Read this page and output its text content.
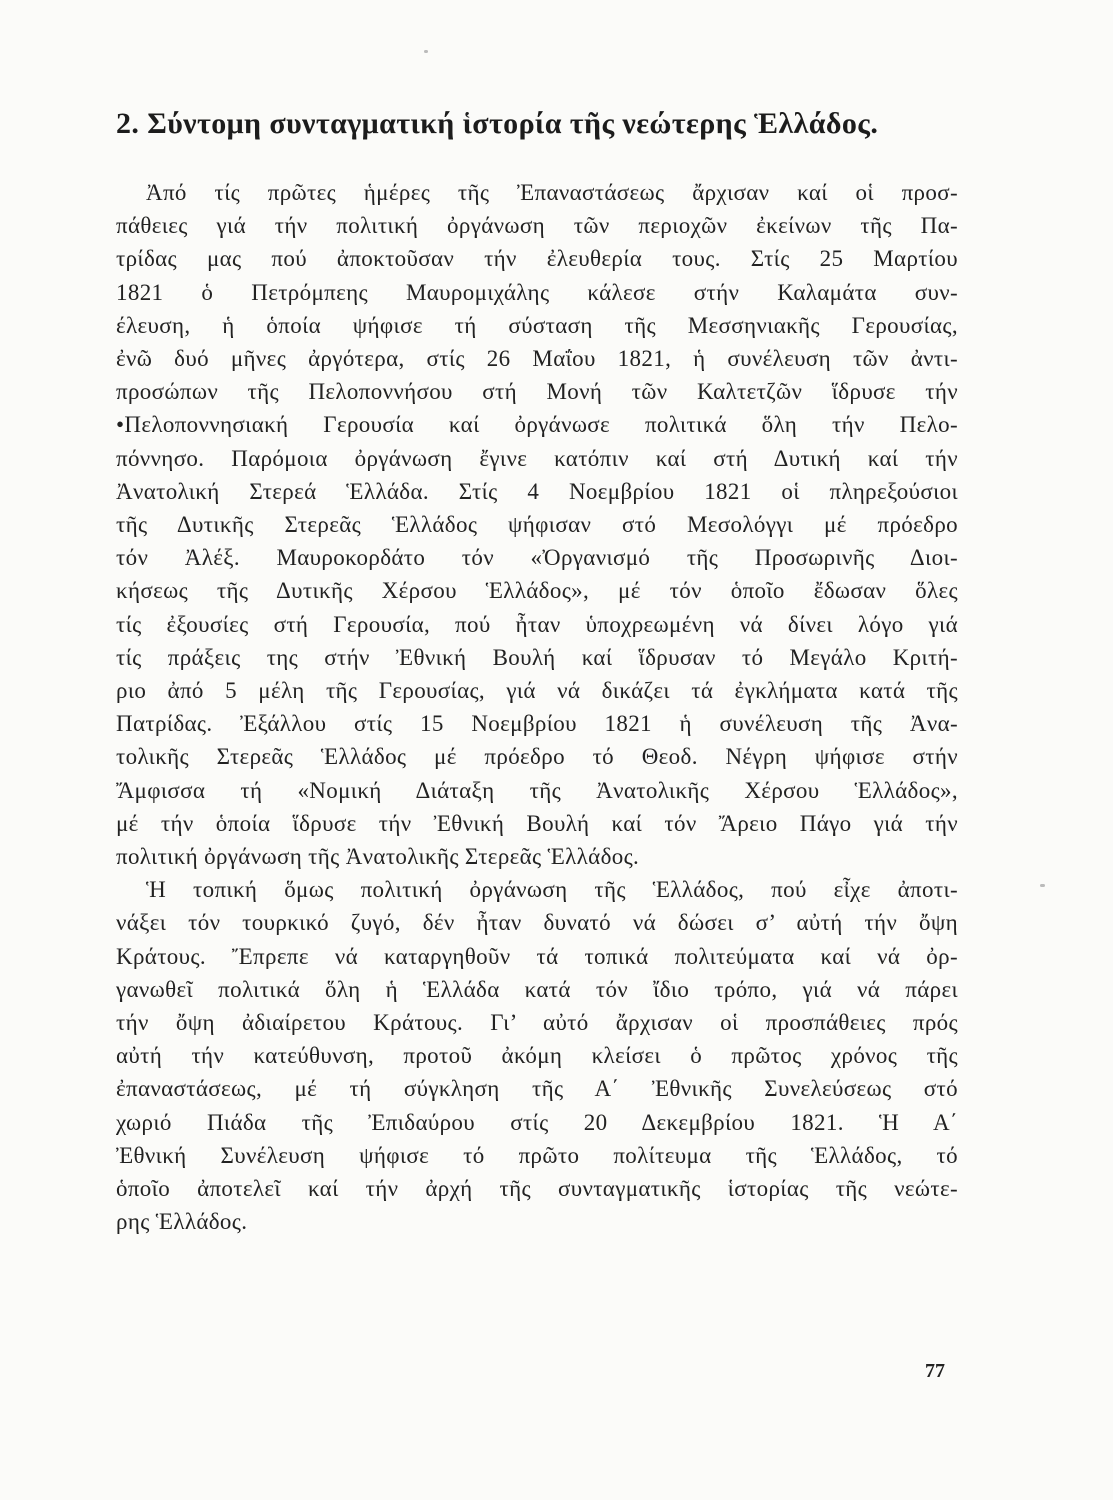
2. Σύντομη συνταγματική ἱστορία τῆς νεώτερης Ἑλλάδος.

Ἀπό τίς πρῶτες ἡμέρες τῆς Ἐπαναστάσεως ἄρχισαν καί οἱ προσ-
πάθειες γιά τήν πολιτική ὀργάνωση τῶν περιοχῶν ἐκείνων τῆς Πα-
τρίδας μας πού ἀποκτοῦσαν τήν ἐλευθερία τους. Στίς 25 Μαρτίου
1821 ὁ Πετρόμπεης Μαυρομιχάλης κάλεσε στήν Καλαμάτα συν-
έλευση, ἡ ὁποία ψήφισε τή σύσταση τῆς Μεσσηνιακῆς Γερουσίας,
ἐνῶ δυό μῆνες ἀργότερα, στίς 26 Μαΐου 1821, ἡ συνέλευση τῶν ἀντι-
προσώπων τῆς Πελοποννήσου στή Μονή τῶν Καλτετζῶν ἵδρυσε τήν
•Πελοποννησιακή Γερουσία καί ὀργάνωσε πολιτικά ὅλη τήν Πελο-
πόννησο. Παρόμοια ὀργάνωση ἔγινε κατόπιν καί στή Δυτική καί τήν
Ἀνατολική Στερεά Ἑλλάδα. Στίς 4 Νοεμβρίου 1821 οἱ πληρεξούσιοι
τῆς Δυτικῆς Στερεᾶς Ἑλλάδος ψήφισαν στό Μεσολόγγι μέ πρόεδρο
τόν Ἀλέξ. Μαυροκορδάτο τόν «Ὀργανισμό τῆς Προσωρινῆς Διοι-
κήσεως τῆς Δυτικῆς Χέρσου Ἑλλάδος», μέ τόν ὁποῖο ἔδωσαν ὅλες
τίς ἐξουσίες στή Γερουσία, πού ἦταν ὑποχρεωμένη νά δίνει λόγο γιά
τίς πράξεις της στήν Ἐθνική Βουλή καί ἵδρυσαν τό Μεγάλο Κριτή-
ριο ἀπό 5 μέλη τῆς Γερουσίας, γιά νά δικάζει τά ἐγκλήματα κατά τῆς
Πατρίδας. Ἐξάλλου στίς 15 Νοεμβρίου 1821 ἡ συνέλευση τῆς Ἀνα-
τολικῆς Στερεᾶς Ἑλλάδος μέ πρόεδρο τό Θεοδ. Νέγρη ψήφισε στήν
Ἄμφισσα τή «Νομική Διάταξη τῆς Ἀνατολικῆς Χέρσου Ἑλλάδος»,
μέ τήν ὁποία ἵδρυσε τήν Ἐθνική Βουλή καί τόν Ἄρειο Πάγο γιά τήν
πολιτική ὀργάνωση τῆς Ἀνατολικῆς Στερεᾶς Ἑλλάδος.

Ἡ τοπική ὅμως πολιτική ὀργάνωση τῆς Ἑλλάδος, πού εἶχε ἀποτι-
νάξει τόν τουρκικό ζυγό, δέν ἦταν δυνατό νά δώσει σ’ αὐτή τήν ὄψη
Κράτους. Ἔπρεπε νά καταργηθοῦν τά τοπικά πολιτεύματα καί νά ὀρ-
γανωθεῖ πολιτικά ὅλη ἡ Ἑλλάδα κατά τόν ἴδιο τρόπο, γιά νά πάρει
τήν ὄψη ἀδιαίρετου Κράτους. Γι’ αὐτό ἄρχισαν οἱ προσπάθειες πρός
αὐτή τήν κατεύθυνση, προτοῦ ἀκόμη κλείσει ὁ πρῶτος χρόνος τῆς
ἐπαναστάσεως, μέ τή σύγκληση τῆς Α΄ Ἐθνικῆς Συνελεύσεως στό
χωριό Πιάδα τῆς Ἐπιδαύρου στίς 20 Δεκεμβρίου 1821. Ἡ Α΄
Ἐθνική Συνέλευση ψήφισε τό πρῶτο πολίτευμα τῆς Ἑλλάδος, τό
ὁποῖο ἀποτελεῖ καί τήν ἀρχή τῆς συνταγματικῆς ἱστορίας τῆς νεώτε-
ρης Ἑλλάδος.

77
